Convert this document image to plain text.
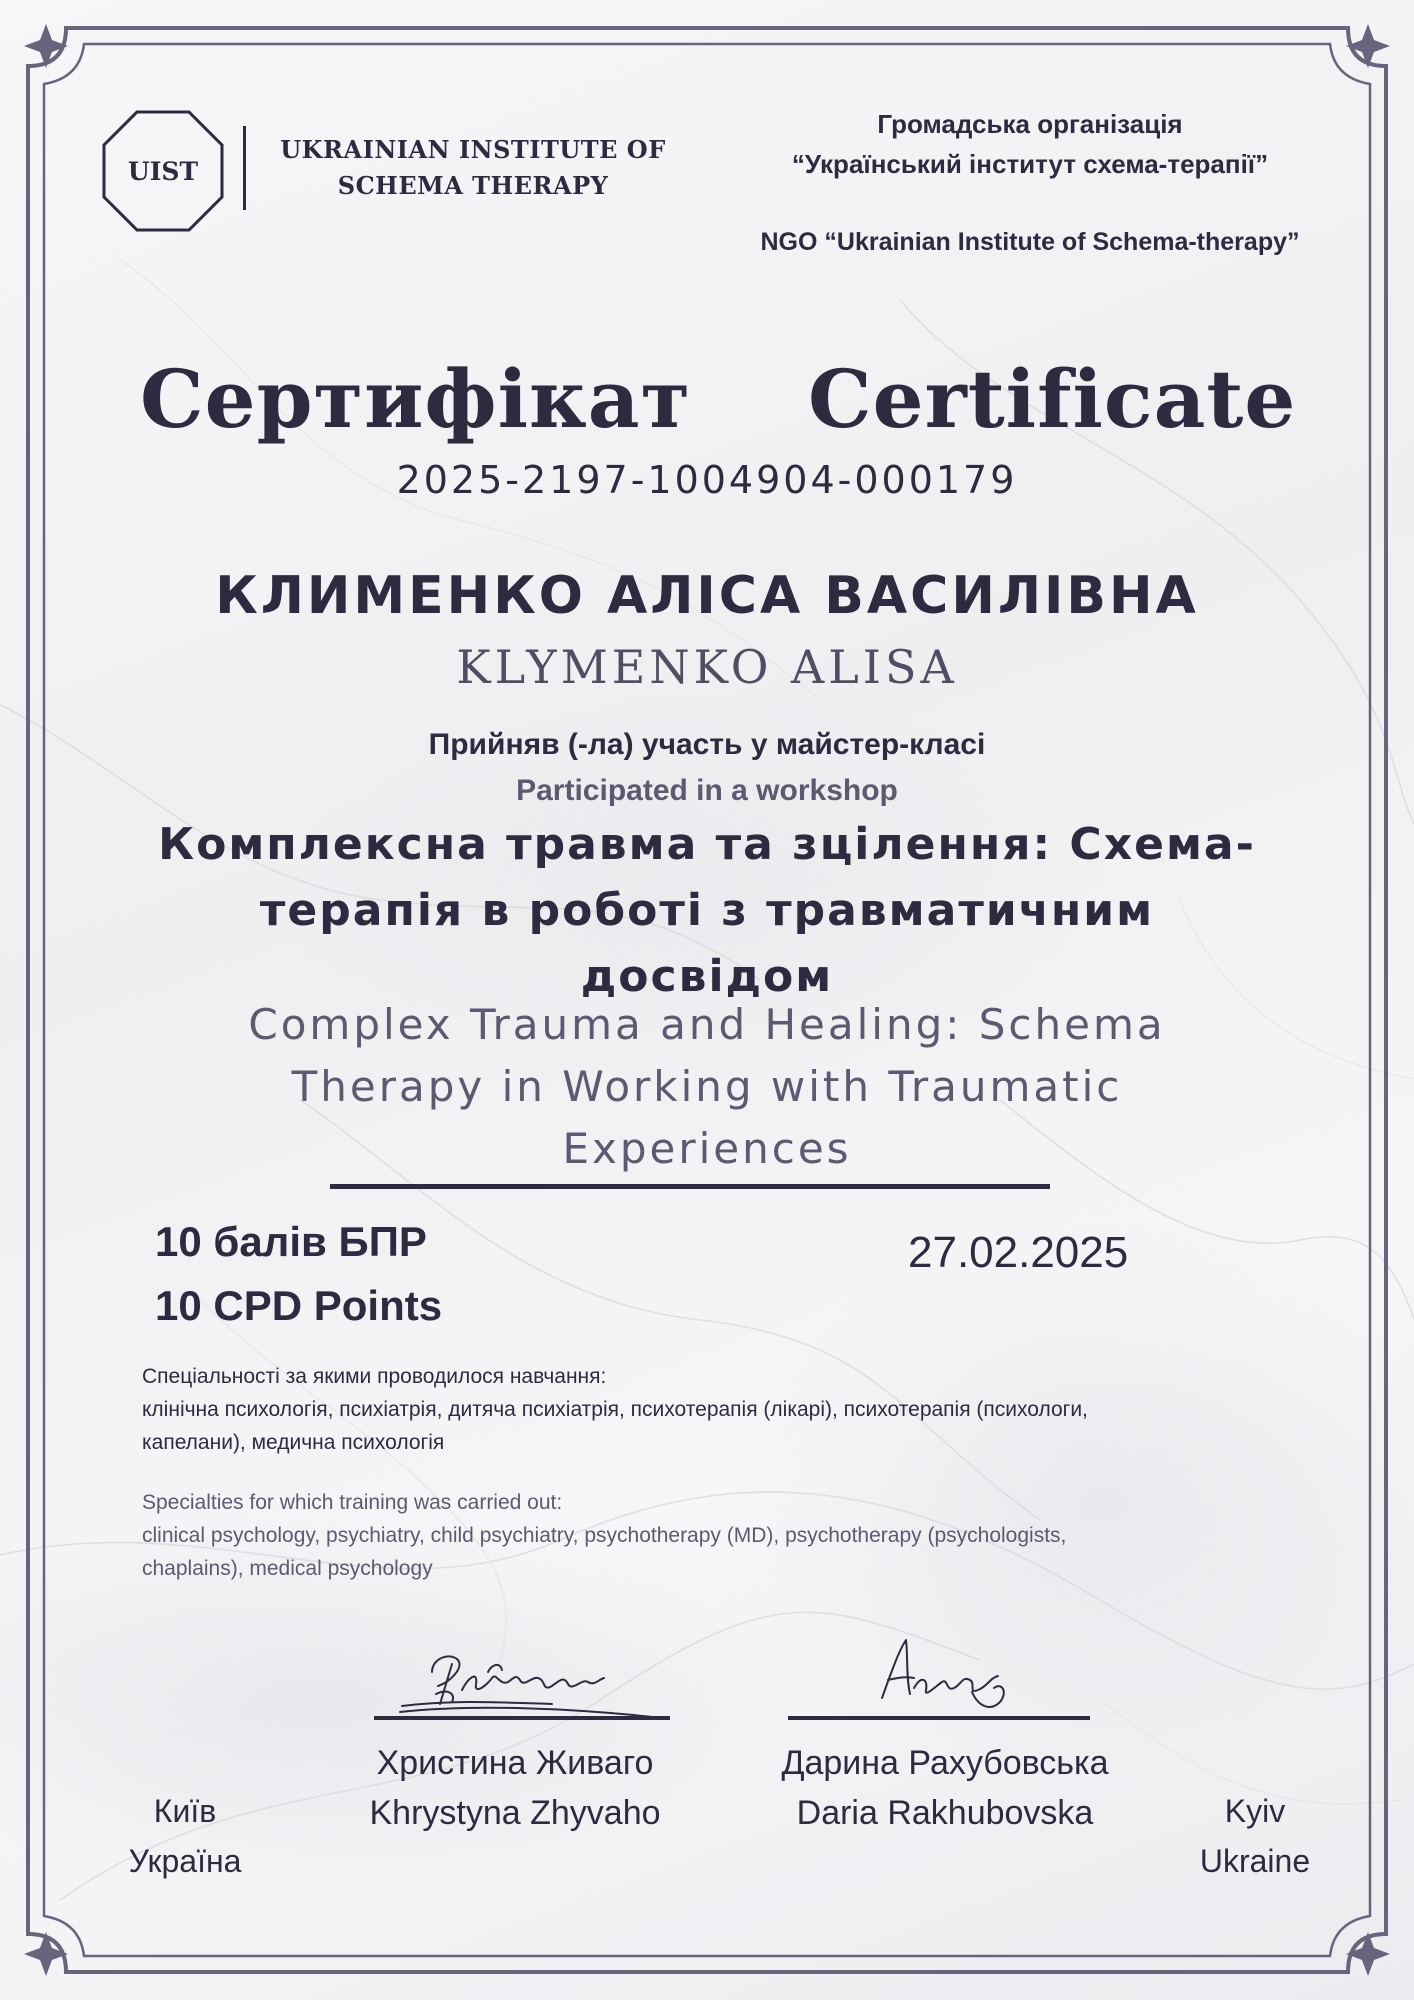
UIST
UKRAINIAN INSTITUTE OF
SCHEMA THERAPY
Громадська організація
“Український інститут схема-терапії”
NGO “Ukrainian Institute of Schema-therapy”
Сертифікат Certificate
2025-2197-1004904-000179
КЛИМЕНКО АЛІСА ВАСИЛІВНА
KLYMENKO ALISA
Прийняв (-ла) участь у майстер-класі
Participated in a workshop
Комплексна травма та зцілення: Схема-
терапія в роботі з травматичним
досвідом
Complex Trauma and Healing: Schema
Therapy in Working with Traumatic
Experiences
10 балів БПР
10 CPD Points
27.02.2025
Спеціальності за якими проводилося навчання:
клінічна психологія, психіатрія, дитяча психіатрія, психотерапія (лікарі), психотерапія (психологи,
капелани), медична психологія
Specialties for which training was carried out:
clinical psychology, psychiatry, child psychiatry, psychotherapy (MD), psychotherapy (psychologists,
chaplains), medical psychology
Христина Живаго
Khrystyna Zhyvaho
Дарина Рахубовська
Daria Rakhubovska
Київ
Україна
Kyiv
Ukraine
